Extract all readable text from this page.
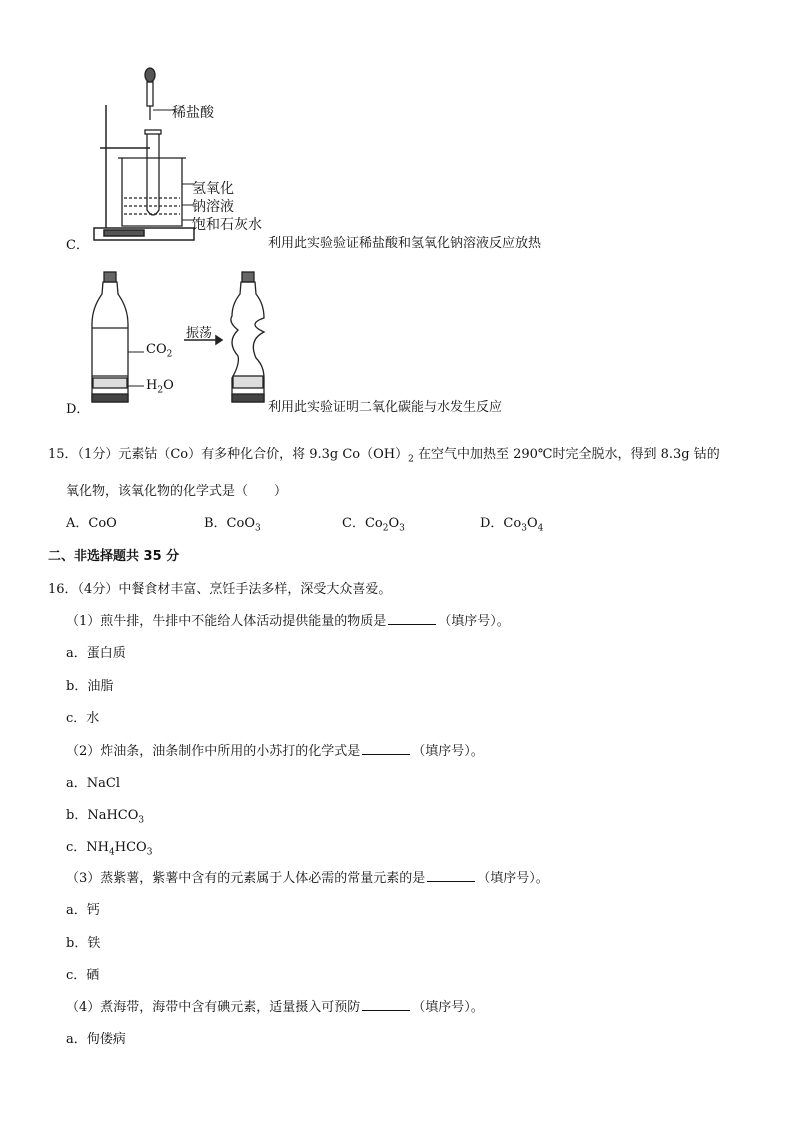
稀盐酸
氢氧化
钠溶液
饱和石灰水
C．	利用此实验验证稀盐酸和氢氧化钠溶液反应放热
振荡
$CO_2$
$H_2O$
D．	利用此实验证明二氧化碳能与水发生反应
15．（1分）元素钴（Co）有多种化合价，将 9.3g $Co(OH)_2$ 在空气中加热至 290℃时完全脱水，得到 8.3g 钴的
氧化物，该氧化物的化学式是（　　）
A．CoO	B．CoO$_3$	C．$Co_2O_3$	D．$Co_3O_4$
二、非选择题共 35 分
16．（4分）中餐食材丰富、烹饪手法多样，深受大众喜爱。
（1）煎牛排，牛排中不能给人体活动提供能量的物质是	（填序号）。
a．蛋白质
b．油脂
c．水
（2）炸油条，油条制作中所用的小苏打的化学式是	（填序号）。
a．NaCl
b．NaHCO$_3$
c．$NH_4HCO_3$
（3）蒸紫薯，紫薯中含有的元素属于人体必需的常量元素的是	（填序号）。
a．钙
b．铁
c．硒
（4）煮海带，海带中含有碘元素，适量摄入可预防	（填序号）。
a．佝偻病
